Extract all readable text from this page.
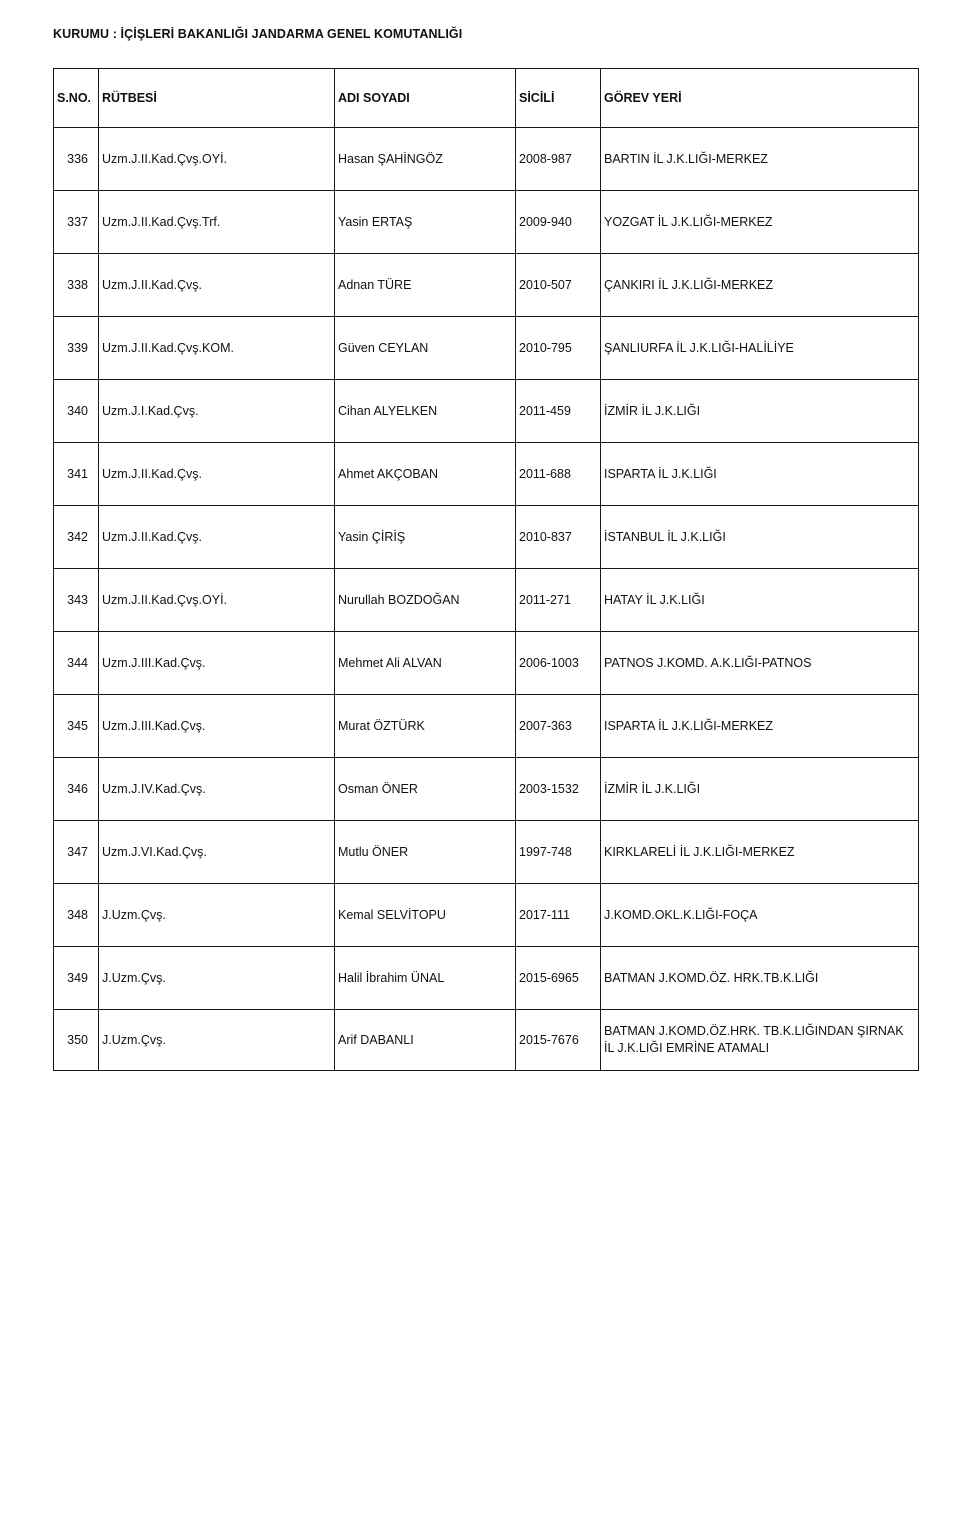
KURUMU : İÇİŞLERİ BAKANLIĞI JANDARMA GENEL KOMUTANLIĞI
S.NO.	RÜTBESİ	ADI SOYADI	SİCİLİ	GÖREV YERİ
336	Uzm.J.II.Kad.Çvş.OYİ.	Hasan ŞAHİNGÖZ	2008-987	BARTIN İL J.K.LIĞI-MERKEZ
337	Uzm.J.II.Kad.Çvş.Trf.	Yasin ERTAŞ	2009-940	YOZGAT İL J.K.LIĞI-MERKEZ
338	Uzm.J.II.Kad.Çvş.	Adnan TÜRE	2010-507	ÇANKIRI İL J.K.LIĞI-MERKEZ
339	Uzm.J.II.Kad.Çvş.KOM.	Güven CEYLAN	2010-795	ŞANLIURFA İL J.K.LIĞI-HALİLİYE
340	Uzm.J.I.Kad.Çvş.	Cihan ALYELKEN	2011-459	İZMİR İL J.K.LIĞI
341	Uzm.J.II.Kad.Çvş.	Ahmet AKÇOBAN	2011-688	ISPARTA İL J.K.LIĞI
342	Uzm.J.II.Kad.Çvş.	Yasin ÇİRİŞ	2010-837	İSTANBUL İL J.K.LIĞI
343	Uzm.J.II.Kad.Çvş.OYİ.	Nurullah BOZDOĞAN	2011-271	HATAY İL J.K.LIĞI
344	Uzm.J.III.Kad.Çvş.	Mehmet Ali ALVAN	2006-1003	PATNOS J.KOMD. A.K.LIĞI-PATNOS
345	Uzm.J.III.Kad.Çvş.	Murat ÖZTÜRK	2007-363	ISPARTA İL J.K.LIĞI-MERKEZ
346	Uzm.J.IV.Kad.Çvş.	Osman ÖNER	2003-1532	İZMİR İL J.K.LIĞI
347	Uzm.J.VI.Kad.Çvş.	Mutlu ÖNER	1997-748	KIRKLARELİ İL J.K.LIĞI-MERKEZ
348	J.Uzm.Çvş.	Kemal SELVİTOPU	2017-111	J.KOMD.OKL.K.LIĞI-FOÇA
349	J.Uzm.Çvş.	Halil İbrahim ÜNAL	2015-6965	BATMAN J.KOMD.ÖZ. HRK.TB.K.LIĞI
350	J.Uzm.Çvş.	Arif DABANLI	2015-7676	BATMAN J.KOMD.ÖZ.HRK. TB.K.LIĞINDAN ŞIRNAK İL J.K.LIĞI EMRİNE ATAMALI
